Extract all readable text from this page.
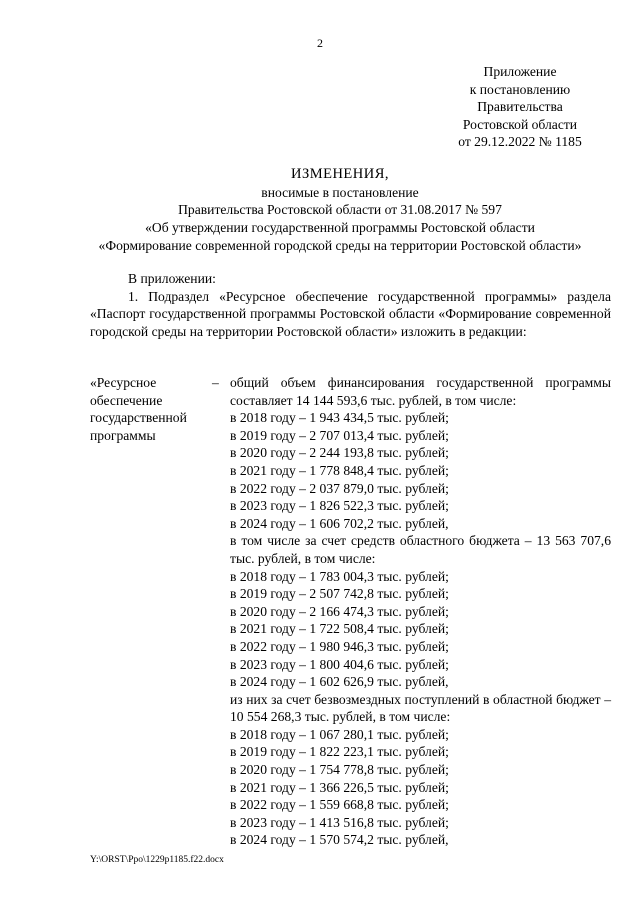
2
Приложение
к постановлению
Правительства
Ростовской области
от 29.12.2022 № 1185
ИЗМЕНЕНИЯ,
вносимые в постановление
Правительства Ростовской области от 31.08.2017 № 597
«Об утверждении государственной программы Ростовской области
«Формирование современной городской среды на территории Ростовской области»

В приложении:

1. Подраздел «Ресурсное обеспечение государственной программы» раздела «Паспорт государственной программы Ростовской области «Формирование современной городской среды на территории Ростовской области» изложить в редакции:

«Ресурсное обеспечение государственной программы
– общий объем финансирования государственной программы составляет 14 144 593,6 тыс. рублей, в том числе:
в 2018 году – 1 943 434,5 тыс. рублей;
в 2019 году – 2 707 013,4 тыс. рублей;
в 2020 году – 2 244 193,8 тыс. рублей;
в 2021 году – 1 778 848,4 тыс. рублей;
в 2022 году – 2 037 879,0 тыс. рублей;
в 2023 году – 1 826 522,3 тыс. рублей;
в 2024 году – 1 606 702,2 тыс. рублей,
в том числе за счет средств областного бюджета – 13 563 707,6 тыс. рублей, в том числе:
в 2018 году – 1 783 004,3 тыс. рублей;
в 2019 году – 2 507 742,8 тыс. рублей;
в 2020 году – 2 166 474,3 тыс. рублей;
в 2021 году – 1 722 508,4 тыс. рублей;
в 2022 году – 1 980 946,3 тыс. рублей;
в 2023 году – 1 800 404,6 тыс. рублей;
в 2024 году – 1 602 626,9 тыс. рублей,
из них за счет безвозмездных поступлений в областной бюджет – 10 554 268,3 тыс. рублей, в том числе:
в 2018 году – 1 067 280,1 тыс. рублей;
в 2019 году – 1 822 223,1 тыс. рублей;
в 2020 году – 1 754 778,8 тыс. рублей;
в 2021 году – 1 366 226,5 тыс. рублей;
в 2022 году – 1 559 668,8 тыс. рублей;
в 2023 году – 1 413 516,8 тыс. рублей;
в 2024 году – 1 570 574,2 тыс. рублей,
Y:\ORST\Ppo\1229p1185.f22.docx
